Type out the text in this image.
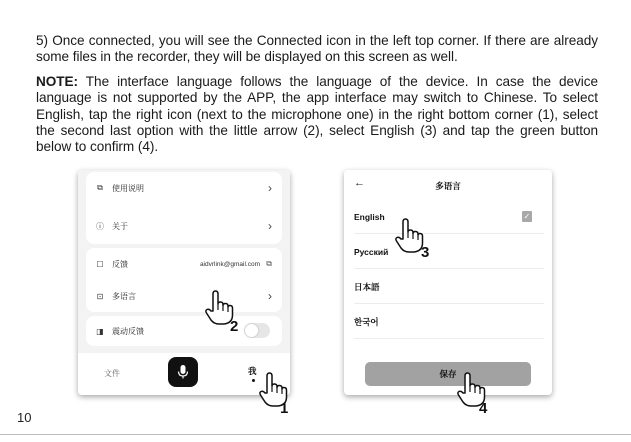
5) Once connected, you will see the Connected icon in the left top corner. If there are already some files in the recorder, they will be displayed on this screen as well.
NOTE: The interface language follows the language of the device. In case the device language is not supported by the APP, the app interface may switch to Chinese. To select English, tap the right icon (next to the microphone one) in the right bottom corner (1), select the second last option with the little arrow (2), select English (3) and tap the green button below to confirm (4).
⧉	使用说明	›
ⓘ	关于	›
☐	反馈	aidvrlink@gmail.com ⧉
⊡	多语言	›
◨	震动反馈
文件	我
←	多语言
English	✓
Русский
日本語
한국어
保存
1
2
3
4
10
